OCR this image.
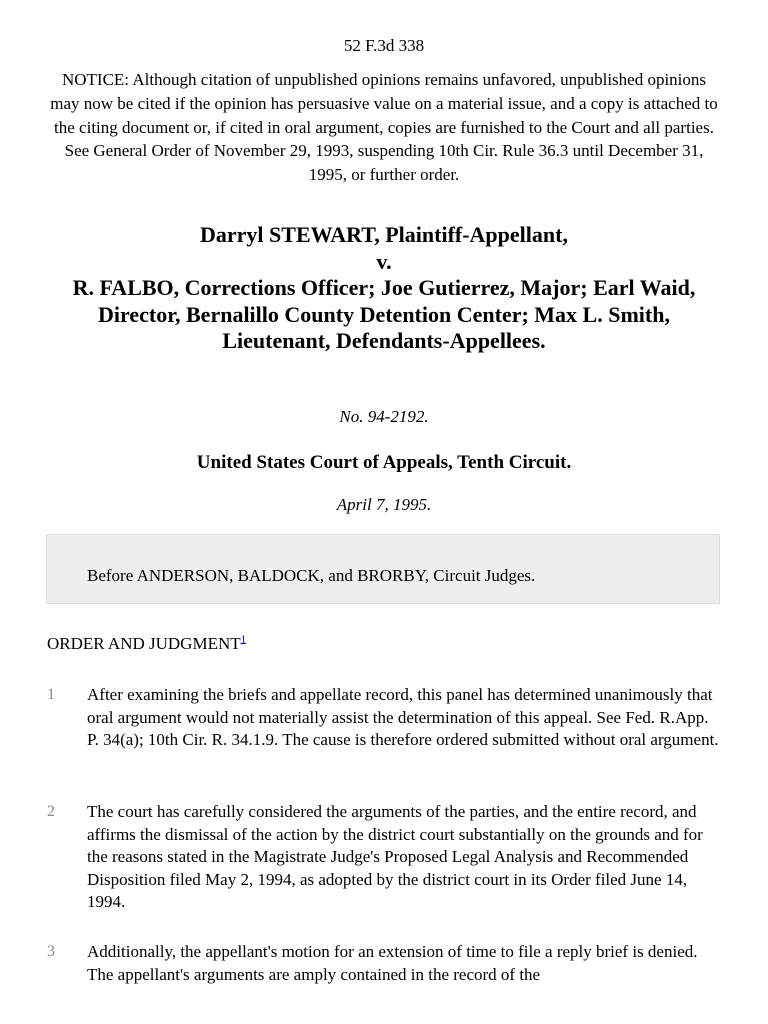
52 F.3d 338
NOTICE: Although citation of unpublished opinions remains unfavored, unpublished opinions may now be cited if the opinion has persuasive value on a material issue, and a copy is attached to the citing document or, if cited in oral argument, copies are furnished to the Court and all parties. See General Order of November 29, 1993, suspending 10th Cir. Rule 36.3 until December 31, 1995, or further order.
Darryl STEWART, Plaintiff-Appellant,
v.
R. FALBO, Corrections Officer; Joe Gutierrez, Major; Earl Waid, Director, Bernalillo County Detention Center; Max L. Smith, Lieutenant, Defendants-Appellees.
No. 94-2192.
United States Court of Appeals, Tenth Circuit.
April 7, 1995.
Before ANDERSON, BALDOCK, and BRORBY, Circuit Judges.
ORDER AND JUDGMENT$^1$
1 After examining the briefs and appellate record, this panel has determined unanimously that oral argument would not materially assist the determination of this appeal. See Fed. R.App. P. 34(a); 10th Cir. R. 34.1.9. The cause is therefore ordered submitted without oral argument.
2 The court has carefully considered the arguments of the parties, and the entire record, and affirms the dismissal of the action by the district court substantially on the grounds and for the reasons stated in the Magistrate Judge's Proposed Legal Analysis and Recommended Disposition filed May 2, 1994, as adopted by the district court in its Order filed June 14, 1994.
3 Additionally, the appellant's motion for an extension of time to file a reply brief is denied. The appellant's arguments are amply contained in the record of the
